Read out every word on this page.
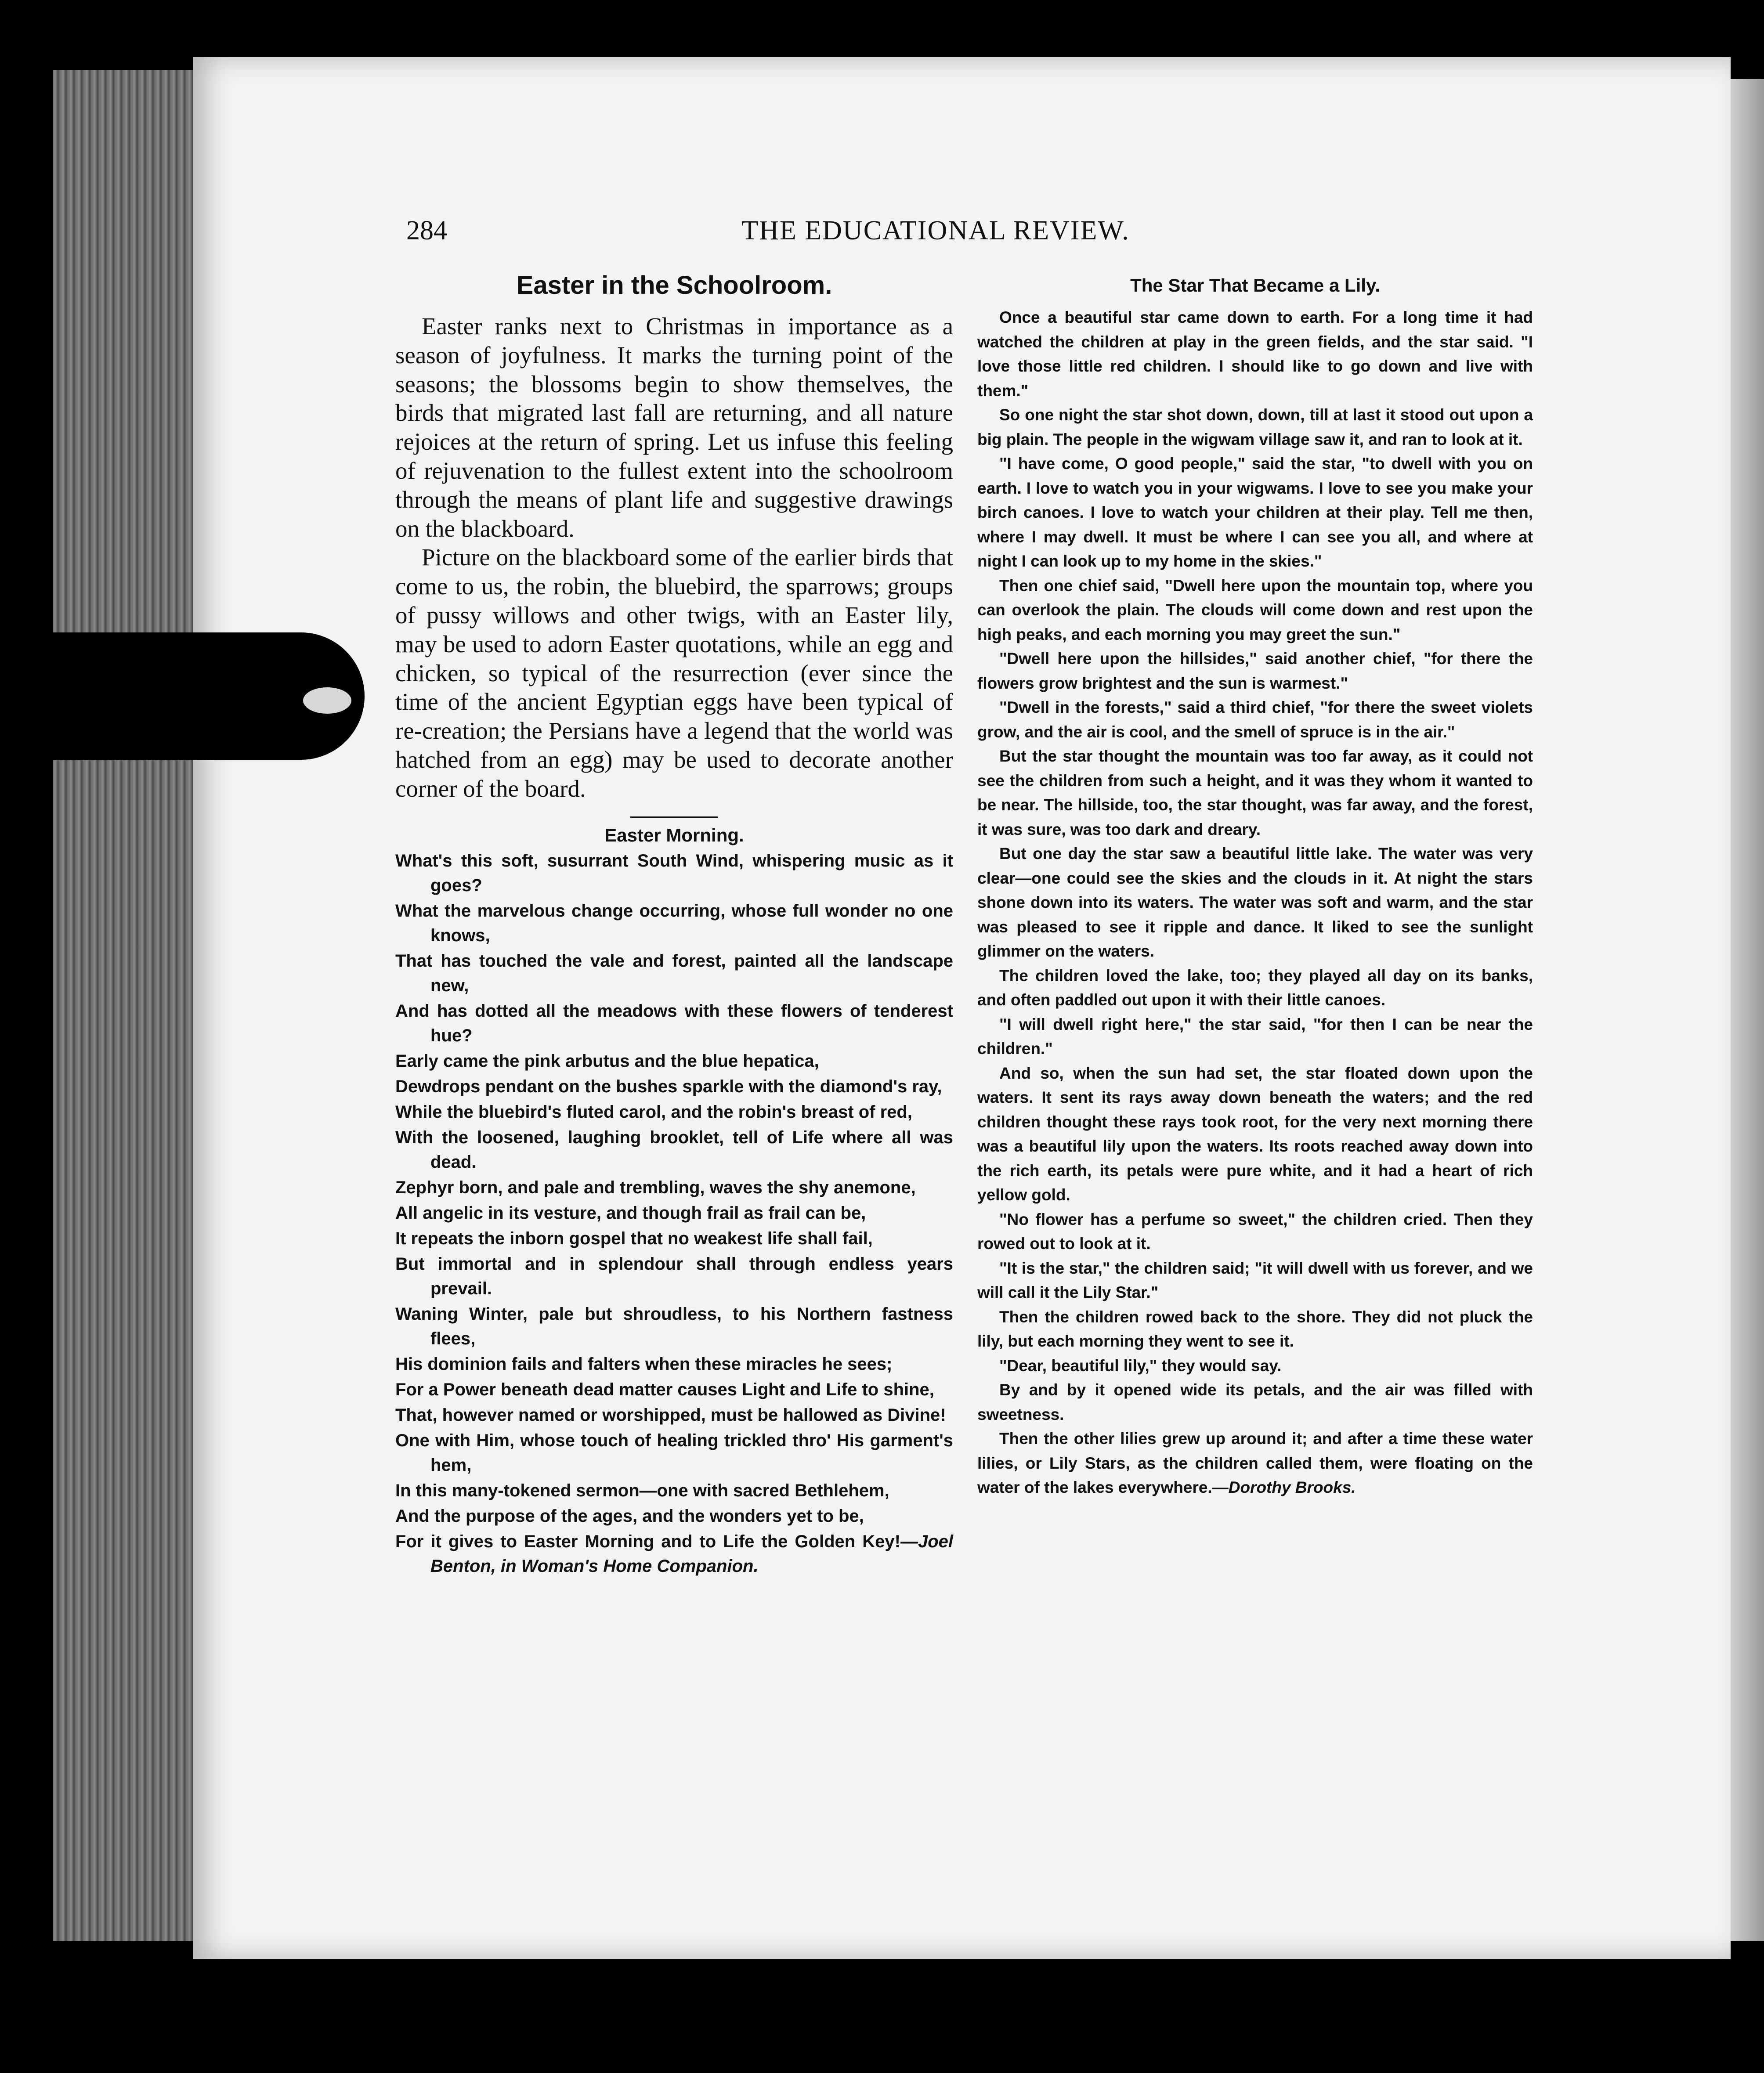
284	THE EDUCATIONAL REVIEW.
Easter in the Schoolroom.

Easter ranks next to Christmas in importance as a season of joyfulness. It marks the turning point of the seasons; the blossoms begin to show themselves, the birds that migrated last fall are returning, and all nature rejoices at the return of spring. Let us infuse this feeling of rejuvenation to the fullest extent into the schoolroom through the means of plant life and suggestive drawings on the blackboard.

Picture on the blackboard some of the earlier birds that come to us, the robin, the bluebird, the sparrows; groups of pussy willows and other twigs, with an Easter lily, may be used to adorn Easter quotations, while an egg and chicken, so typical of the resurrection (ever since the time of the ancient Egyptian eggs have been typical of re-creation; the Persians have a legend that the world was hatched from an egg) may be used to decorate another corner of the board.

Easter Morning.
What's this soft, susurrant South Wind, whispering music as it goes?
What the marvelous change occurring, whose full wonder no one knows,
That has touched the vale and forest, painted all the landscape new,
And has dotted all the meadows with these flowers of tenderest hue?
Early came the pink arbutus and the blue hepatica,
Dewdrops pendant on the bushes sparkle with the diamond's ray,
While the bluebird's fluted carol, and the robin's breast of red,
With the loosened, laughing brooklet, tell of Life where all was dead.
Zephyr born, and pale and trembling, waves the shy anemone,
All angelic in its vesture, and though frail as frail can be,
It repeats the inborn gospel that no weakest life shall fail,
But immortal and in splendour shall through endless years prevail.
Waning Winter, pale but shroudless, to his Northern fastness flees,
His dominion fails and falters when these miracles he sees;
For a Power beneath dead matter causes Light and Life to shine,
That, however named or worshipped, must be hallowed as Divine!
One with Him, whose touch of healing trickled thro' His garment's hem,
In this many-tokened sermon—one with sacred Bethlehem,
And the purpose of the ages, and the wonders yet to be,
For it gives to Easter Morning and to Life the Golden Key!—Joel Benton, in Woman's Home Companion.
The Star That Became a Lily.

Once a beautiful star came down to earth. For a long time it had watched the children at play in the green fields, and the star said. "I love those little red children. I should like to go down and live with them."

So one night the star shot down, down, till at last it stood out upon a big plain. The people in the wigwam village saw it, and ran to look at it.

"I have come, O good people," said the star, "to dwell with you on earth. I love to watch you in your wigwams. I love to see you make your birch canoes. I love to watch your children at their play. Tell me then, where I may dwell. It must be where I can see you all, and where at night I can look up to my home in the skies."

Then one chief said, "Dwell here upon the mountain top, where you can overlook the plain. The clouds will come down and rest upon the high peaks, and each morning you may greet the sun."

"Dwell here upon the hillsides," said another chief, "for there the flowers grow brightest and the sun is warmest."

"Dwell in the forests," said a third chief, "for there the sweet violets grow, and the air is cool, and the smell of spruce is in the air."

But the star thought the mountain was too far away, as it could not see the children from such a height, and it was they whom it wanted to be near. The hillside, too, the star thought, was far away, and the forest, it was sure, was too dark and dreary.

But one day the star saw a beautiful little lake. The water was very clear—one could see the skies and the clouds in it. At night the stars shone down into its waters. The water was soft and warm, and the star was pleased to see it ripple and dance. It liked to see the sunlight glimmer on the waters.

The children loved the lake, too; they played all day on its banks, and often paddled out upon it with their little canoes.

"I will dwell right here," the star said, "for then I can be near the children."

And so, when the sun had set, the star floated down upon the waters. It sent its rays away down beneath the waters; and the red children thought these rays took root, for the very next morning there was a beautiful lily upon the waters. Its roots reached away down into the rich earth, its petals were pure white, and it had a heart of rich yellow gold.

"No flower has a perfume so sweet," the children cried. Then they rowed out to look at it.

"It is the star," the children said; "it will dwell with us forever, and we will call it the Lily Star."

Then the children rowed back to the shore. They did not pluck the lily, but each morning they went to see it.

"Dear, beautiful lily," they would say.

By and by it opened wide its petals, and the air was filled with sweetness.

Then the other lilies grew up around it; and after a time these water lilies, or Lily Stars, as the children called them, were floating on the water of the lakes everywhere.—Dorothy Brooks.
